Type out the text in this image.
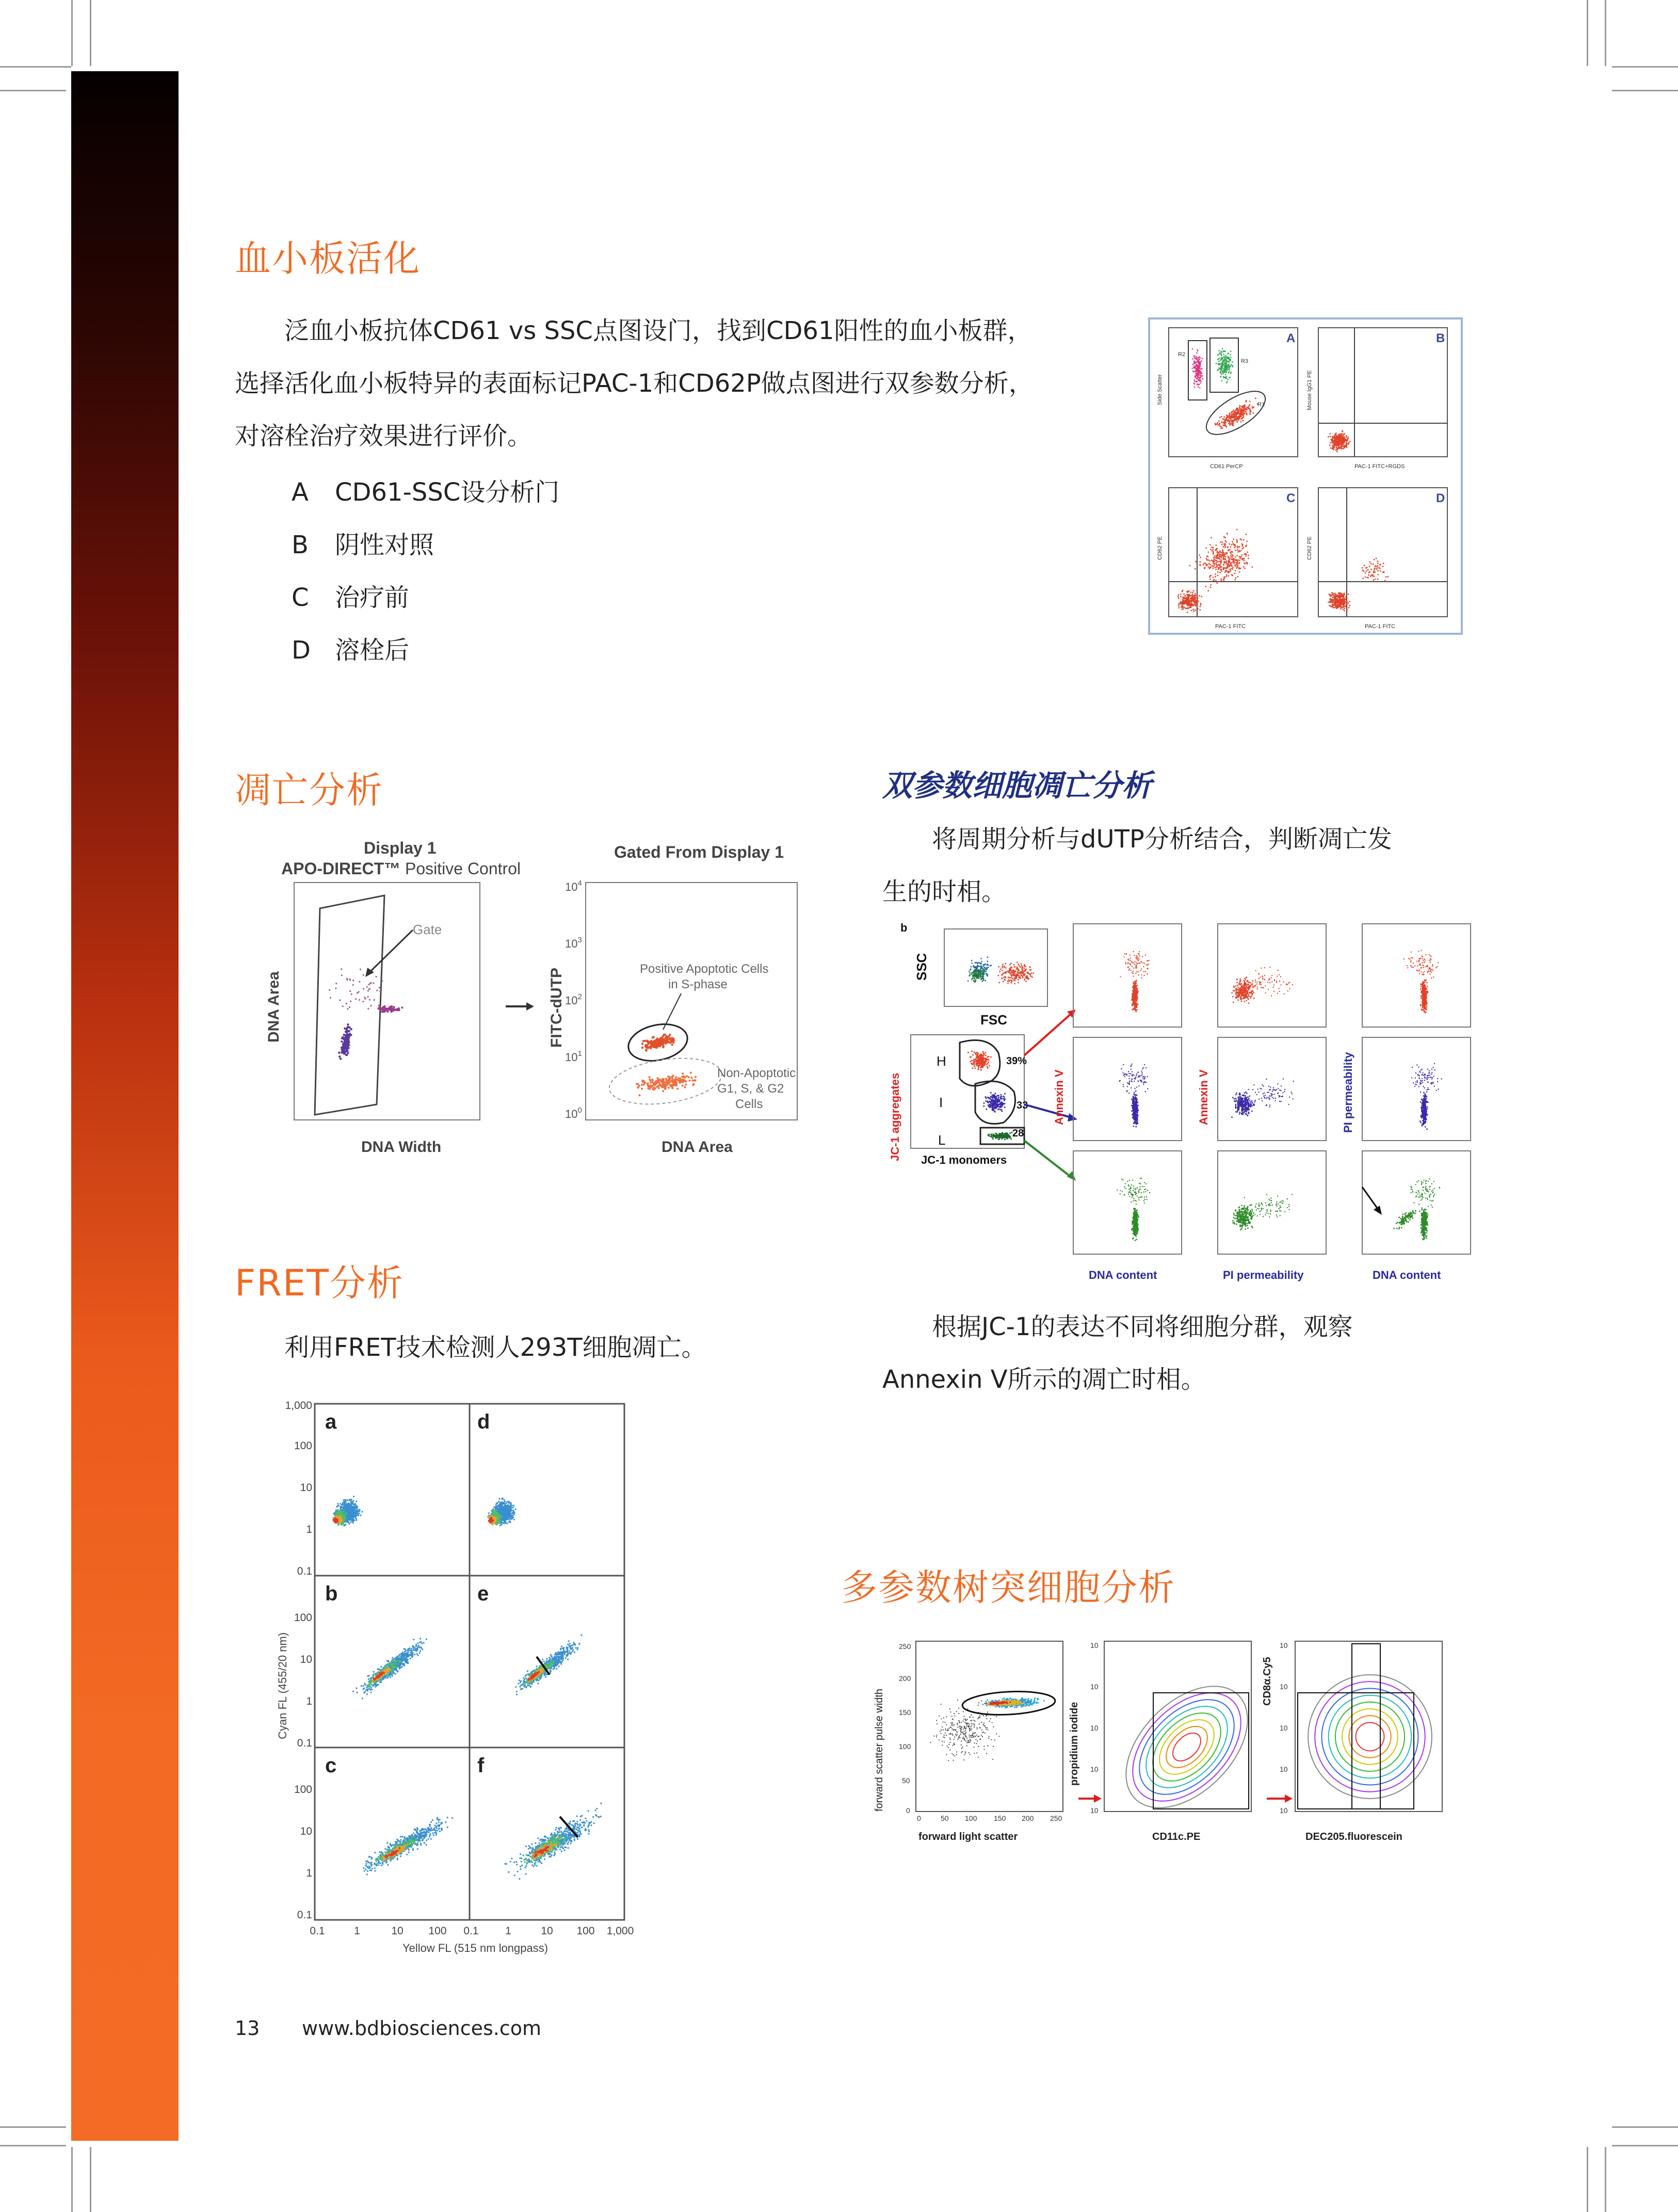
血小板活化

泛血小板抗体CD61 vs SSC点图设门，找到CD61阳性的血小板群，
选择活化血小板特异的表面标记PAC-1和CD62P做点图进行双参数分析，
对溶栓治疗效果进行评价。

A CD61-SSC设分析门
B 阴性对照
C 治疗前
D 溶栓后
A
R2
R3
R1
CD61 PerCP
Side Scatter
B
PAC-1 FITC+RGDS
Mouse IgG1 PE
C
PAC-1 FITC
CD62 PE
D
PAC-1 FITC
CD62 PE
凋亡分析
Display 1
APO-DIRECT™ Positive Control
Gate
DNA Area
DNA Width
Gated From Display 1
$10^4$
$10^3$
$10^2$
$10^1$
$10^0$
Positive Apoptotic Cells
in S-phase
Non-Apoptotic
G1, S, & G2
Cells
FITC-dUTP
DNA Area
FRET分析

利用FRET技术检测人293T细胞凋亡。

a	d
b	e
c	f
1,000
100
10
1
0.1
100
10
1
0.1
100
10
1
0.1
0.1	1	10 100 0.1 1	10 100 1,000
Cyan FL (455/20 nm)
Yellow FL (515 nm longpass)
双参数细胞凋亡分析

将周期分析与dUTP分析结合，判断凋亡发
生的时相。

b
SSC
FSC
H
I
L
39%
33
28
JC-1 aggregates JC-1 monomers
Annexin V	Annexin V	PI permeability
DNA content	PI permeability	DNA content

根据JC-1的表达不同将细胞分群，观察
Annexin V所示的凋亡时相。

多参数树突细胞分析
0	50 100 150 200 250
250
200
150
100
50
0
forward scatter pulse width
forward light scatter
10
10
10
10
10
propidium iodide
CD11c.PE
10
10
10
10
10
CD8α.Cy5
DEC205.fluorescein
13 www.bdbiosciences.com
